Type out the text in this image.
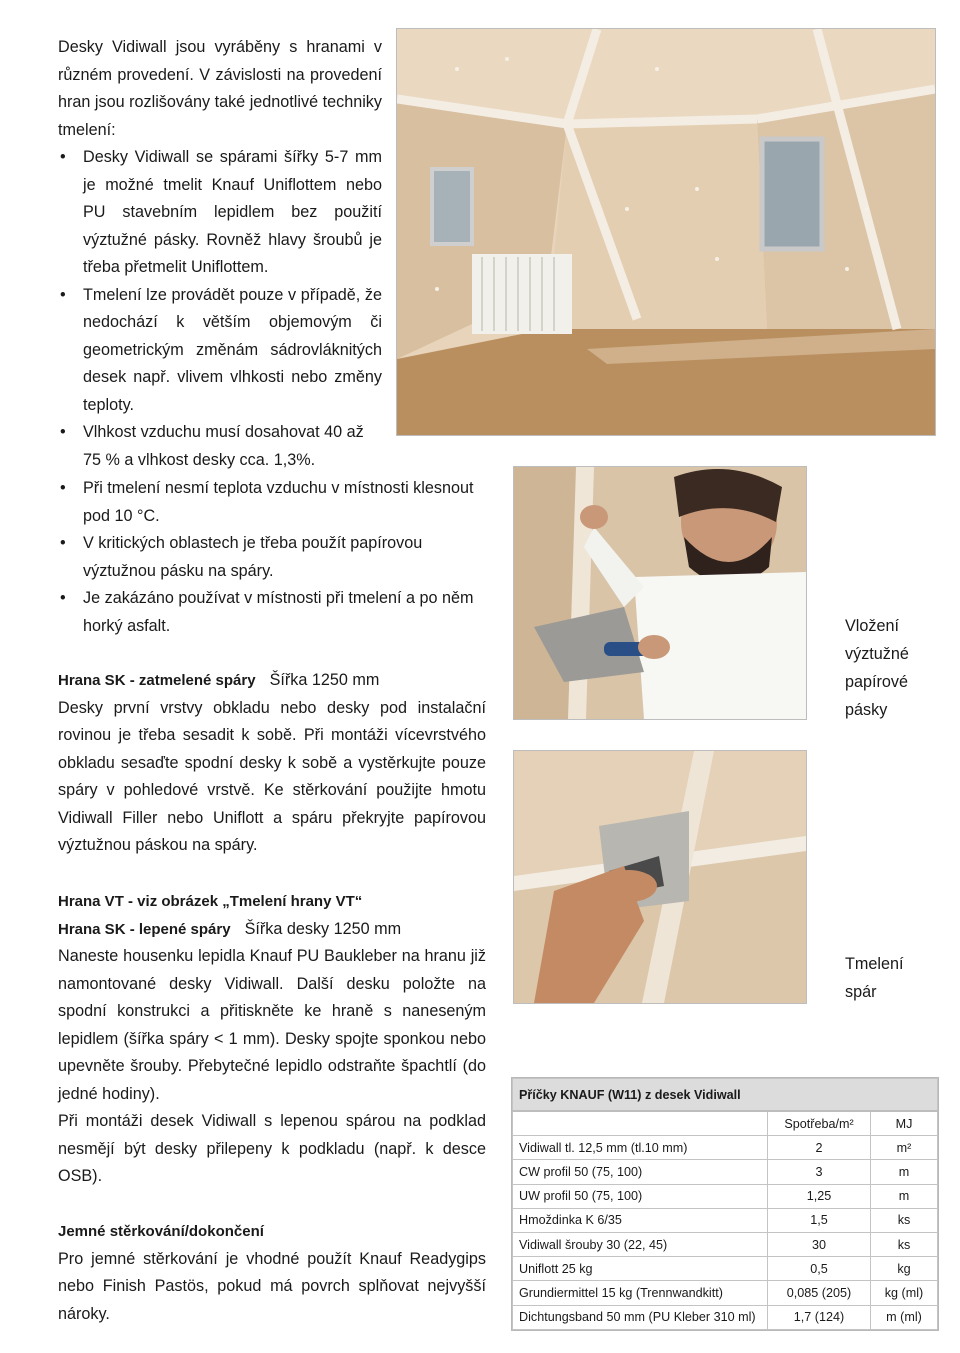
Desky Vidiwall jsou vyráběny s hranami v různém provedení. V závislosti na provedení hran jsou rozlišovány také jednotlivé techniky tmelení:

• Desky Vidiwall se spárami šířky 5-7 mm je možné tmelit Knauf Uniflottem nebo PU stavebním lepidlem bez použití výztužné pásky. Rovněž hlavy šroubů je třeba přetmelit Uniflottem.

• Tmelení lze provádět pouze v případě, že nedochází k větším objemovým či geometrickým změnám sádrovláknitých desek např. vlivem vlhkosti nebo změny teploty.

• Vlhkost vzduchu musí dosahovat 40 až 75 % a vlhkost desky cca. 1,3%.

• Při tmelení nesmí teplota vzduchu v místnosti klesnout pod 10 °C.

• V kritických oblastech je třeba použít papírovou výztužnou pásku na spáry.

• Je zakázáno používat v místnosti při tmelení a po něm horký asfalt.

Hrana SK - zatmelené spáry Šířka 1250 mm

Desky první vrstvy obkladu nebo desky pod instalační rovinou je třeba sesadit k sobě. Při montáži vícevrstvého obkladu sesaďte spodní desky k sobě a vystěrkujte pouze spáry v pohledové vrstvě. Ke stěrkování použijte hmotu Vidiwall Filler nebo Uniflott a spáru překryjte papírovou výztužnou páskou na spáry.

Hrana VT - viz obrázek „Tmelení hrany VT“

Hrana SK - lepené spáry Šířka desky 1250 mm

Naneste housenku lepidla Knauf PU Baukleber na hranu již namontované desky Vidiwall. Další desku položte na spodní konstrukci a přitiskněte ke hraně s naneseným lepidlem (šířka spáry < 1 mm). Desky spojte sponkou nebo upevněte šrouby. Přebytečné lepidlo odstraňte špachtlí (do jedné hodiny).

Při montáži desek Vidiwall s lepenou spárou na podklad nesmějí být desky přilepeny k podkladu (např. k desce OSB).

Jemné stěrkování/dokončení

Pro jemné stěrkování je vhodné použít Knauf Readygips nebo Finish Pastös, pokud má povrch splňovat nejvyšší nároky.

Vložení výztužné papírové pásky
Tmelení spár
Příčky KNAUF (W11) z desek Vidiwall		
	Spotřeba/m²	MJ
Vidiwall tl. 12,5 mm (tl.10 mm)	2	m²
CW profil 50 (75, 100)	3	m
UW profil 50 (75, 100)	1,25	m
Hmoždinka K 6/35	1,5	ks
Vidiwall šrouby 30 (22, 45)	30	ks
Uniflott 25 kg	0,5	kg
Grundiermittel 15 kg (Trennwandkitt)	0,085 (205)	kg (ml)
Dichtungsband 50 mm (PU Kleber 310 ml)	1,7 (124)	m (ml)
